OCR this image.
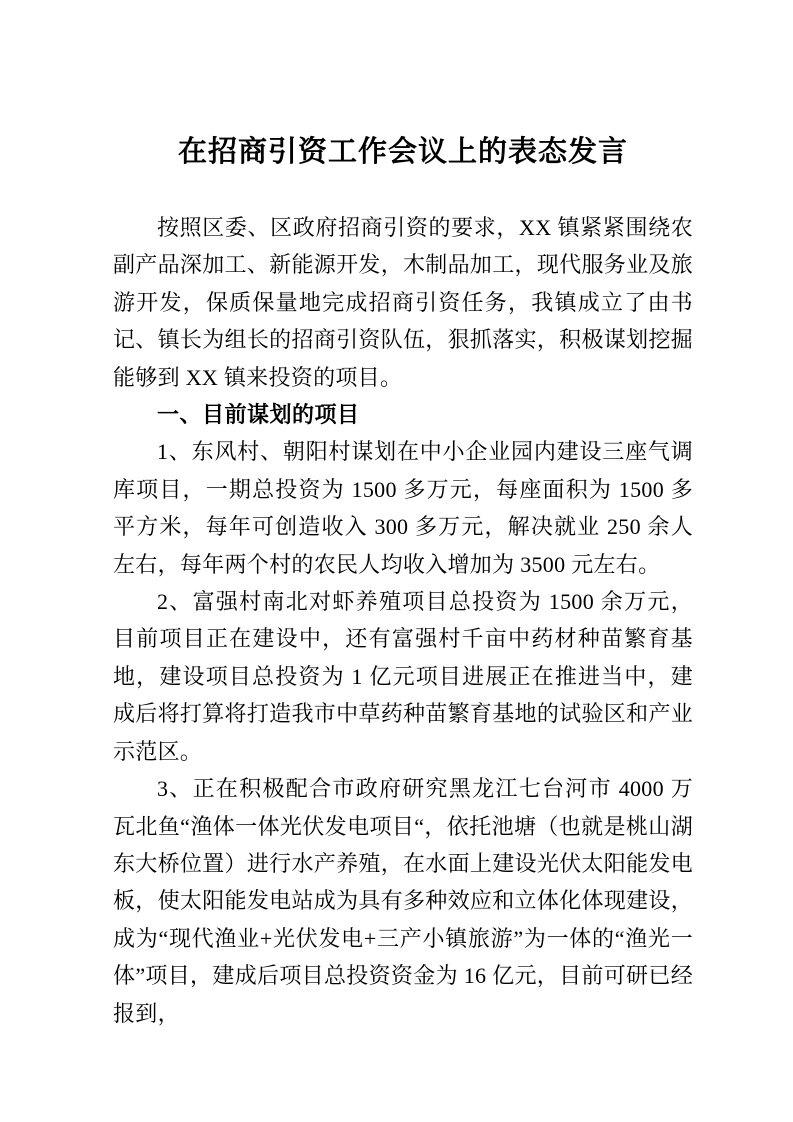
在招商引资工作会议上的表态发言

按照区委、区政府招商引资的要求，XX 镇紧紧围绕农副产品深加工、新能源开发，木制品加工，现代服务业及旅游开发，保质保量地完成招商引资任务，我镇成立了由书记、镇长为组长的招商引资队伍，狠抓落实，积极谋划挖掘能够到 XX 镇来投资的项目。

一、目前谋划的项目

1、东风村、朝阳村谋划在中小企业园内建设三座气调库项目，一期总投资为 1500 多万元，每座面积为 1500 多平方米，每年可创造收入 300 多万元，解决就业 250 余人左右，每年两个村的农民人均收入增加为 3500 元左右。

2、富强村南北对虾养殖项目总投资为 1500 余万元，目前项目正在建设中，还有富强村千亩中药材种苗繁育基地，建设项目总投资为 1 亿元项目进展正在推进当中，建成后将打算将打造我市中草药种苗繁育基地的试验区和产业示范区。

3、正在积极配合市政府研究黑龙江七台河市 4000 万瓦北鱼“渔体一体光伏发电项目“，依托池塘（也就是桃山湖东大桥位置）进行水产养殖，在水面上建设光伏太阳能发电板，使太阳能发电站成为具有多种效应和立体化体现建设，成为“现代渔业+光伏发电+三产小镇旅游”为一体的“渔光一体”项目，建成后项目总投资资金为 16 亿元，目前可研已经报到，
